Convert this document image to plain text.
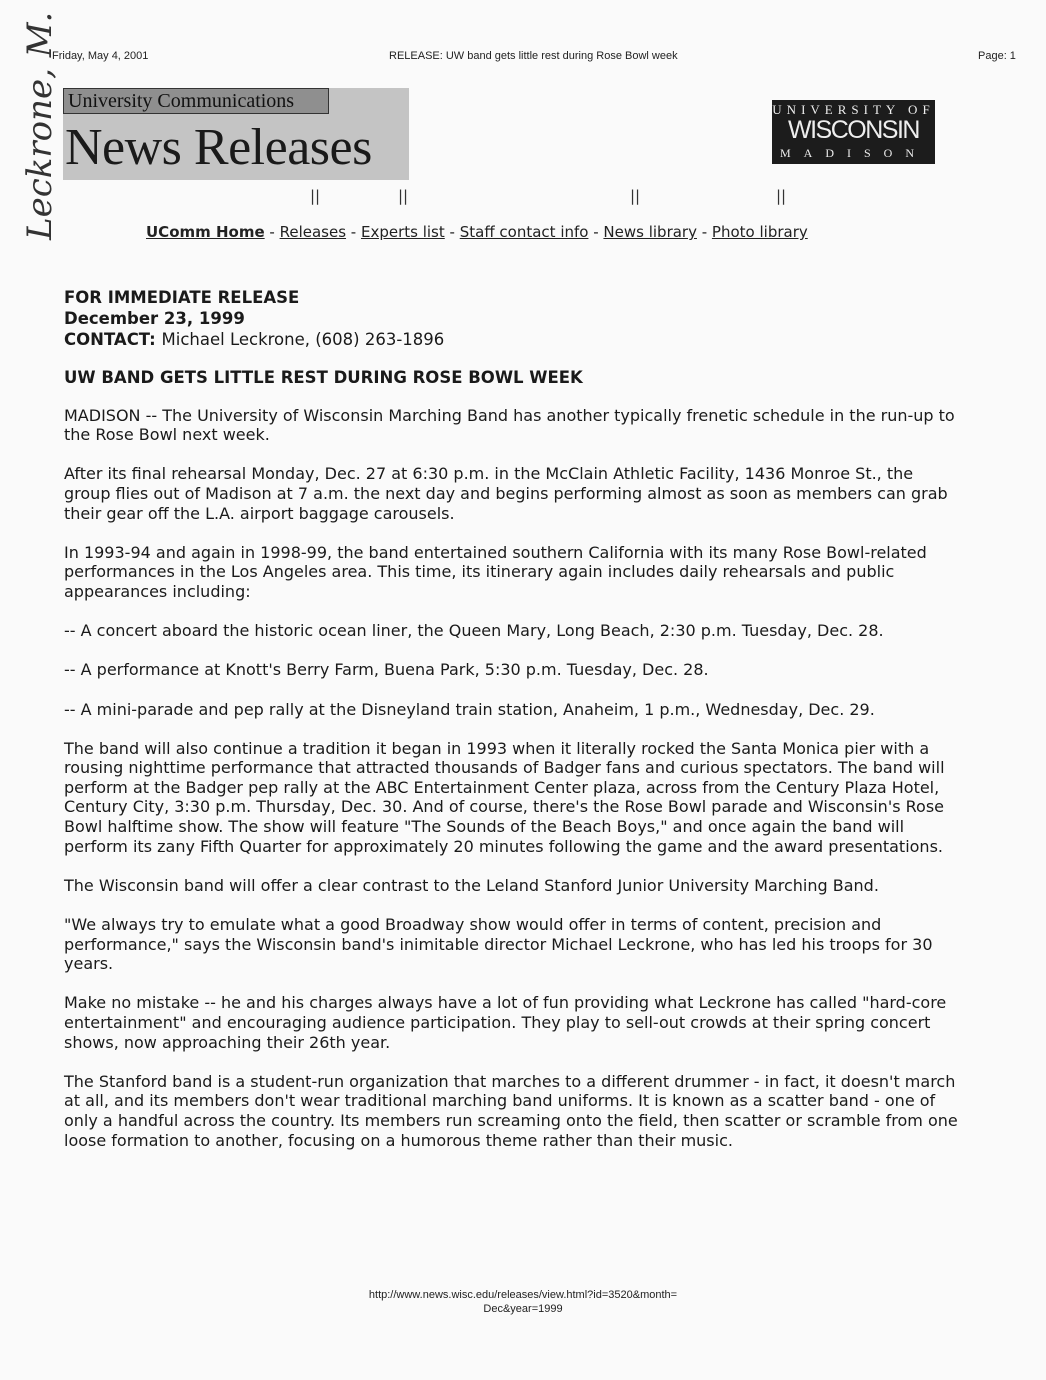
Friday, May 4, 2001	RELEASE: UW band gets little rest during Rose Bowl week	Page: 1
Leckrone, M. University Communications
News Releases
UNIVERSITY OF
WISCONSIN
MADISON
||	||	||	||
UComm Home - Releases - Experts list - Staff contact info - News library - Photo library

FOR IMMEDIATE RELEASE

December 23, 1999

CONTACT: Michael Leckrone, (608) 263-1896

UW BAND GETS LITTLE REST DURING ROSE BOWL WEEK

MADISON -- The University of Wisconsin Marching Band has another typically frenetic schedule in the run-up to the Rose Bowl next week.

After its final rehearsal Monday, Dec. 27 at 6:30 p.m. in the McClain Athletic Facility, 1436 Monroe St., the group flies out of Madison at 7 a.m. the next day and begins performing almost as soon as members can grab their gear off the L.A. airport baggage carousels.

In 1993-94 and again in 1998-99, the band entertained southern California with its many Rose Bowl-related performances in the Los Angeles area. This time, its itinerary again includes daily rehearsals and public appearances including:

-- A concert aboard the historic ocean liner, the Queen Mary, Long Beach, 2:30 p.m. Tuesday, Dec. 28.

-- A performance at Knott's Berry Farm, Buena Park, 5:30 p.m. Tuesday, Dec. 28.

-- A mini-parade and pep rally at the Disneyland train station, Anaheim, 1 p.m., Wednesday, Dec. 29.

The band will also continue a tradition it began in 1993 when it literally rocked the Santa Monica pier with a rousing nighttime performance that attracted thousands of Badger fans and curious spectators. The band will perform at the Badger pep rally at the ABC Entertainment Center plaza, across from the Century Plaza Hotel, Century City, 3:30 p.m. Thursday, Dec. 30. And of course, there's the Rose Bowl parade and Wisconsin's Rose Bowl halftime show. The show will feature "The Sounds of the Beach Boys," and once again the band will perform its zany Fifth Quarter for approximately 20 minutes following the game and the award presentations.

The Wisconsin band will offer a clear contrast to the Leland Stanford Junior University Marching Band.

"We always try to emulate what a good Broadway show would offer in terms of content, precision and performance," says the Wisconsin band's inimitable director Michael Leckrone, who has led his troops for 30 years.

Make no mistake -- he and his charges always have a lot of fun providing what Leckrone has called "hard-core entertainment" and encouraging audience participation. They play to sell-out crowds at their spring concert shows, now approaching their 26th year.

The Stanford band is a student-run organization that marches to a different drummer - in fact, it doesn't march at all, and its members don't wear traditional marching band uniforms. It is known as a scatter band - one of only a handful across the country. Its members run screaming onto the field, then scatter or scramble from one loose formation to another, focusing on a humorous theme rather than their music.

http://www.news.wisc.edu/releases/view.html?id=3520&month=
Dec&year=1999
